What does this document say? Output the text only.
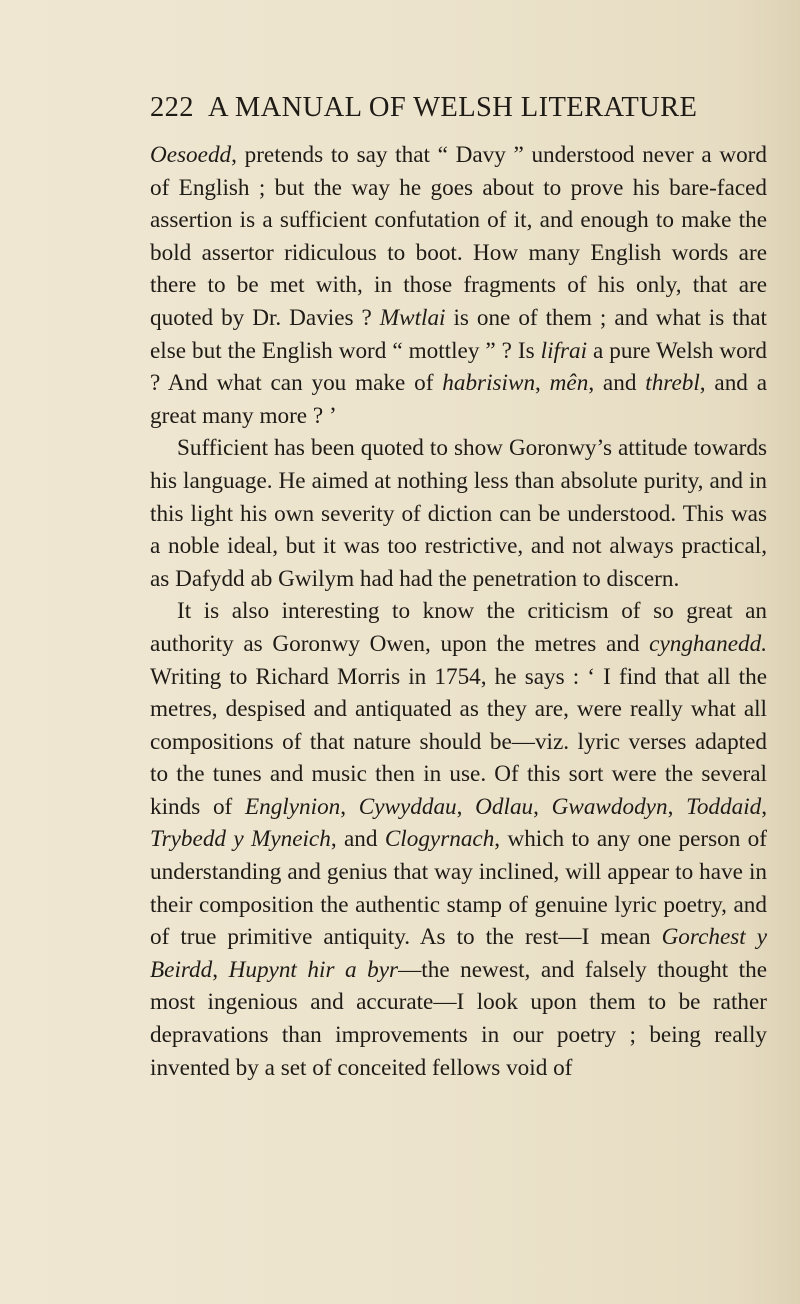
222 A MANUAL OF WELSH LITERATURE

Oesoedd, pretends to say that “ Davy ” understood never a word of English ; but the way he goes about to prove his bare-faced assertion is a sufficient confutation of it, and enough to make the bold assertor ridiculous to boot. How many English words are there to be met with, in those fragments of his only, that are quoted by Dr. Davies ? Mwtlai is one of them ; and what is that else but the English word “ mottley ” ? Is lifrai a pure Welsh word ? And what can you make of habrisiwn, mên, and threbl, and a great many more ? ’

Sufficient has been quoted to show Goronwy’s attitude towards his language. He aimed at nothing less than absolute purity, and in this light his own severity of diction can be understood. This was a noble ideal, but it was too restrictive, and not always practical, as Dafydd ab Gwilym had had the penetration to discern.

It is also interesting to know the criticism of so great an authority as Goronwy Owen, upon the metres and cynghanedd. Writing to Richard Morris in 1754, he says : ‘ I find that all the metres, despised and antiquated as they are, were really what all compositions of that nature should be—viz. lyric verses adapted to the tunes and music then in use. Of this sort were the several kinds of Englynion, Cywyddau, Odlau, Gwawdodyn, Toddaid, Trybedd y Myneich, and Clogyrnach, which to any one person of understanding and genius that way inclined, will appear to have in their composition the authentic stamp of genuine lyric poetry, and of true primitive antiquity. As to the rest—I mean Gorchest y Beirdd, Hupynt hir a byr—the newest, and falsely thought the most ingenious and accurate—I look upon them to be rather depravations than improvements in our poetry ; being really invented by a set of conceited fellows void of
